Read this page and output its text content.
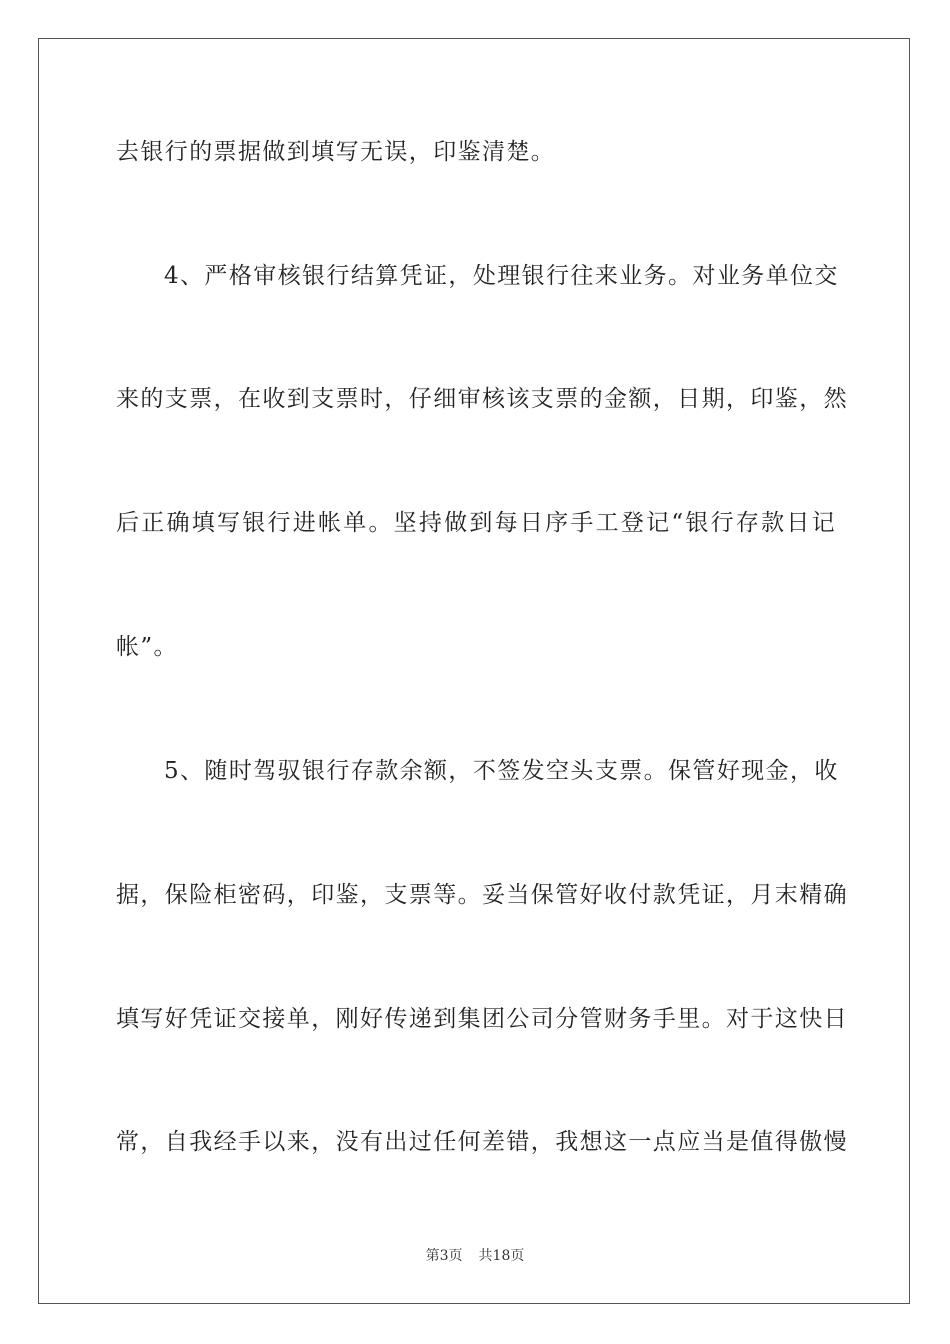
去银行的票据做到填写无误，印鉴清楚。
4、严格审核银行结算凭证，处理银行往来业务。对业务单位交
来的支票，在收到支票时，仔细审核该支票的金额，日期，印鉴，然
后正确填写银行进帐单。坚持做到每日序手工登记“银行存款日记
帐”。
5、随时驾驭银行存款余额，不签发空头支票。保管好现金，收
据，保险柜密码，印鉴，支票等。妥当保管好收付款凭证，月末精确
填写好凭证交接单，刚好传递到集团公司分管财务手里。对于这快日
常，自我经手以来，没有出过任何差错，我想这一点应当是值得傲慢
第3页 共18页
